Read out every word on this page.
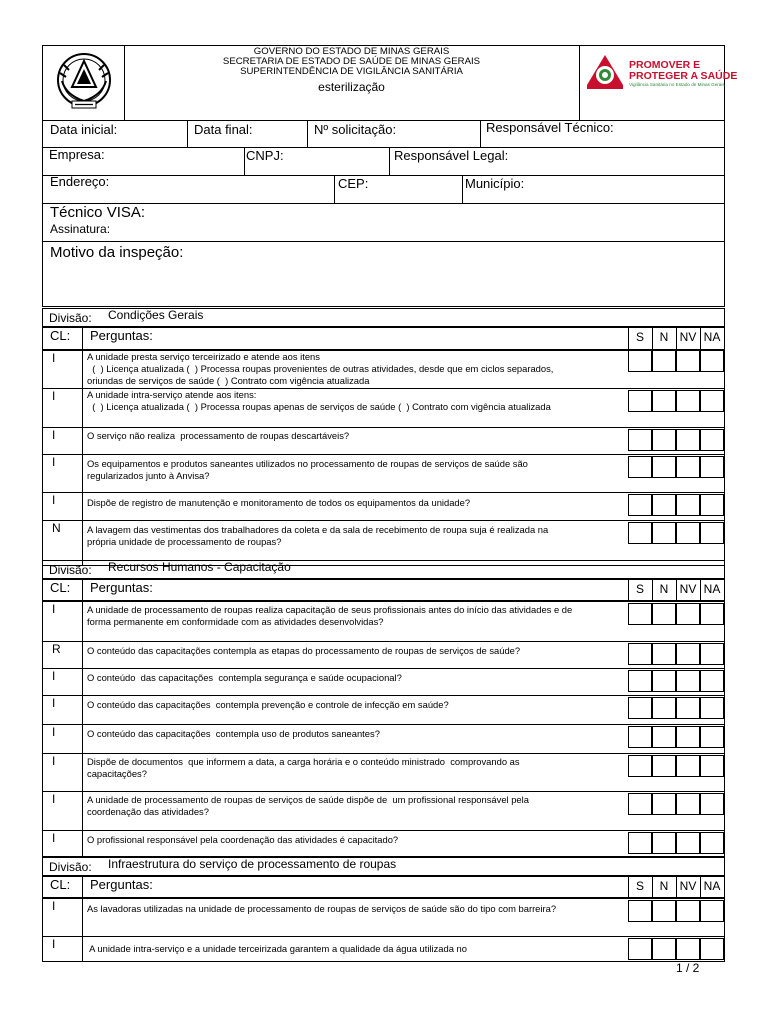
GOVERNO DO ESTADO DE MINAS GERAIS
SECRETARIA DE ESTADO DE SAÚDE DE MINAS GERAIS
SUPERINTENDÊNCIA DE VIGILÂNCIA SANITÁRIA
esterilização
PROMOVER E
PROTEGER A SAÚDE
Vigilância Sanitária no Estado de Minas Gerais
Data inicial:	Data final:	Nº solicitação:	Responsável Técnico:
Empresa:	CNPJ:	Responsável Legal:
Endereço:	CEP:	Município:
Técnico VISA:
Assinatura:
Motivo da inspeção:
Divisão: Condições Gerais
CL: Perguntas:	S	N NV NA
I	A unidade presta serviço terceirizado e atende aos itens
(  ) Licença atualizada (  ) Processa roupas provenientes de outras atividades, desde que em ciclos separados,
oriundas de serviços de saúde (  ) Contrato com vigência atualizada
I	A unidade intra-serviço atende aos itens:
(  ) Licença atualizada (  ) Processa roupas apenas de serviços de saúde (  ) Contrato com vigência atualizada
I	O serviço não realiza  processamento de roupas descartáveis?
I	Os equipamentos e produtos saneantes utilizados no processamento de roupas de serviços de saúde são
regularizados junto à Anvisa?
I	Dispõe de registro de manutenção e monitoramento de todos os equipamentos da unidade?
N	A lavagem das vestimentas dos trabalhadores da coleta e da sala de recebimento de roupa suja é realizada na
própria unidade de processamento de roupas?
Divisão: Recursos Humanos - Capacitação
CL: Perguntas:	S	N NV NA
I	A unidade de processamento de roupas realiza capacitação de seus profissionais antes do início das atividades e de
forma permanente em conformidade com as atividades desenvolvidas?
R	O conteúdo das capacitações contempla as etapas do processamento de roupas de serviços de saúde?
I	O conteúdo  das capacitações  contempla segurança e saúde ocupacional?
I	O conteúdo das capacitações  contempla prevenção e controle de infecção em saúde?
I	O conteúdo das capacitações  contempla uso de produtos saneantes?
I	Dispõe de documentos  que informem a data, a carga horária e o conteúdo ministrado  comprovando as
capacitações?
I	A unidade de processamento de roupas de serviços de saúde dispõe de  um profissional responsável pela
coordenação das atividades?
I	O profissional responsável pela coordenação das atividades é capacitado?
Divisão: Infraestrutura do serviço de processamento de roupas
CL: Perguntas:	S	N NV NA
I	As lavadoras utilizadas na unidade de processamento de roupas de serviços de saúde são do tipo com barreira?
I	A unidade intra-serviço e a unidade terceirizada garantem a qualidade da água utilizada no
1 / 2
